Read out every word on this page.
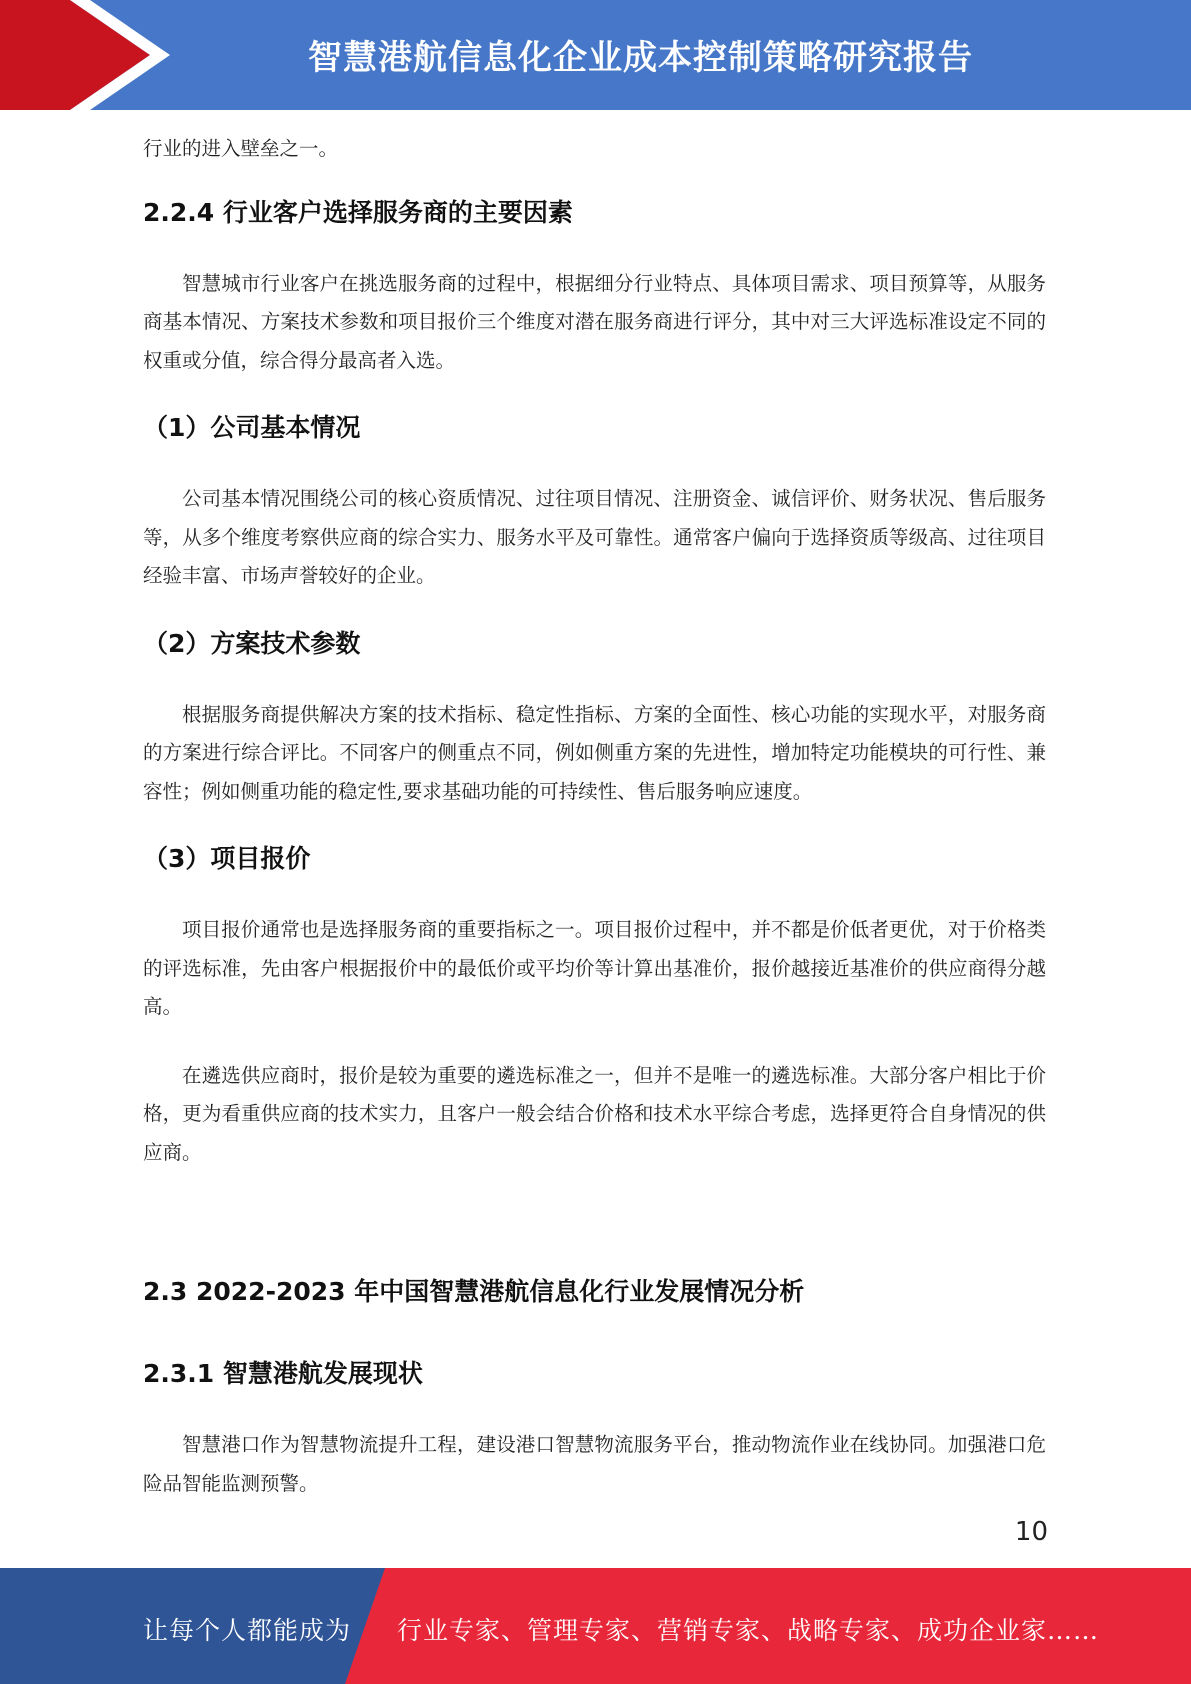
智慧港航信息化企业成本控制策略研究报告

行业的进入壁垒之一。

2.2.4 行业客户选择服务商的主要因素

智慧城市行业客户在挑选服务商的过程中，根据细分行业特点、具体项目需求、项目预算等，从服务商基本情况、方案技术参数和项目报价三个维度对潜在服务商进行评分，其中对三大评选标准设定不同的权重或分值，综合得分最高者入选。

（1）公司基本情况

公司基本情况围绕公司的核心资质情况、过往项目情况、注册资金、诚信评价、财务状况、售后服务等，从多个维度考察供应商的综合实力、服务水平及可靠性。通常客户偏向于选择资质等级高、过往项目经验丰富、市场声誉较好的企业。

（2）方案技术参数

根据服务商提供解决方案的技术指标、稳定性指标、方案的全面性、核心功能的实现水平，对服务商的方案进行综合评比。不同客户的侧重点不同，例如侧重方案的先进性，增加特定功能模块的可行性、兼容性；例如侧重功能的稳定性,要求基础功能的可持续性、售后服务响应速度。

（3）项目报价

项目报价通常也是选择服务商的重要指标之一。项目报价过程中，并不都是价低者更优，对于价格类的评选标准，先由客户根据报价中的最低价或平均价等计算出基准价，报价越接近基准价的供应商得分越高。

在遴选供应商时，报价是较为重要的遴选标准之一，但并不是唯一的遴选标准。大部分客户相比于价格，更为看重供应商的技术实力，且客户一般会结合价格和技术水平综合考虑，选择更符合自身情况的供应商。

2.3 2022-2023 年中国智慧港航信息化行业发展情况分析
2.3.1 智慧港航发展现状

智慧港口作为智慧物流提升工程，建设港口智慧物流服务平台，推动物流作业在线协同。加强港口危险品智能监测预警。

10
让每个人都能成为 行业专家、管理专家、营销专家、战略专家、成功企业家……
